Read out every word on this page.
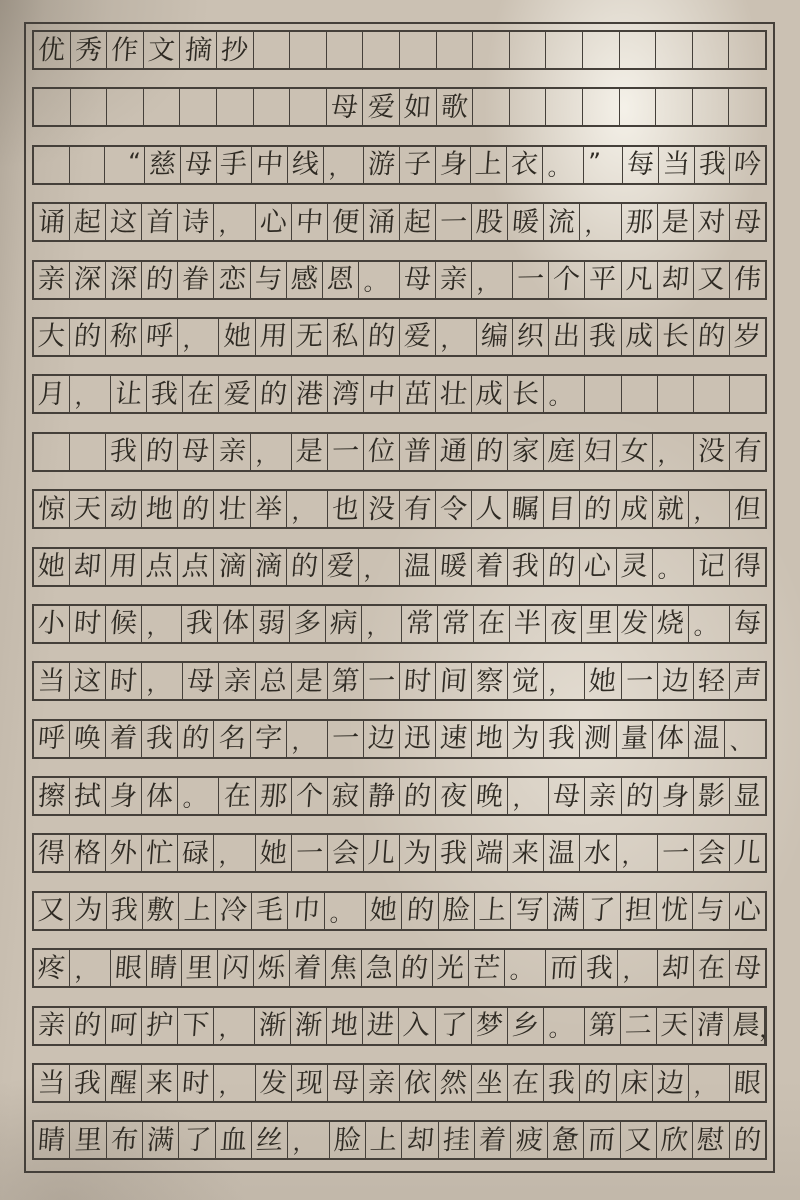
优 秀 作 文 摘 抄
母 爱 如 歌
“ 慈 母 手 中 线 ， 游 子 身 上 衣 。 ” 每 当 我 吟
诵 起 这 首 诗 ， 心 中 便 涌 起 一 股 暖 流 ， 那 是 对 母
亲 深 深 的 眷 恋 与 感 恩 。 母 亲 ， 一 个 平 凡 却 又 伟
大 的 称 呼 ， 她 用 无 私 的 爱 ， 编 织 出 我 成 长 的 岁
月 ， 让 我 在 爱 的 港 湾 中 茁 壮 成 长 。
我 的 母 亲 ， 是 一 位 普 通 的 家 庭 妇 女 ， 没 有
惊 天 动 地 的 壮 举 ， 也 没 有 令 人 瞩 目 的 成 就 ， 但
她 却 用 点 点 滴 滴 的 爱 ， 温 暖 着 我 的 心 灵 。 记 得
小 时 候 ， 我 体 弱 多 病 ， 常 常 在 半 夜 里 发 烧 。 每
当 这 时 ， 母 亲 总 是 第 一 时 间 察 觉 ， 她 一 边 轻 声
呼 唤 着 我 的 名 字 ， 一 边 迅 速 地 为 我 测 量 体 温 、
擦 拭 身 体 。 在 那 个 寂 静 的 夜 晚 ， 母 亲 的 身 影 显
得 格 外 忙 碌 ， 她 一 会 儿 为 我 端 来 温 水 ， 一 会 儿
又 为 我 敷 上 冷 毛 巾 。 她 的 脸 上 写 满 了 担 忧 与 心
疼 ， 眼 睛 里 闪 烁 着 焦 急 的 光 芒 。 而 我 ， 却 在 母
亲 的 呵 护 下 ， 渐 渐 地 进 入 了 梦 乡 。 第 二 天 清 晨
，
当 我 醒 来 时 ， 发 现 母 亲 依 然 坐 在 我 的 床 边 ， 眼
睛 里 布 满 了 血 丝 ， 脸 上 却 挂 着 疲 惫 而 又 欣 慰 的
